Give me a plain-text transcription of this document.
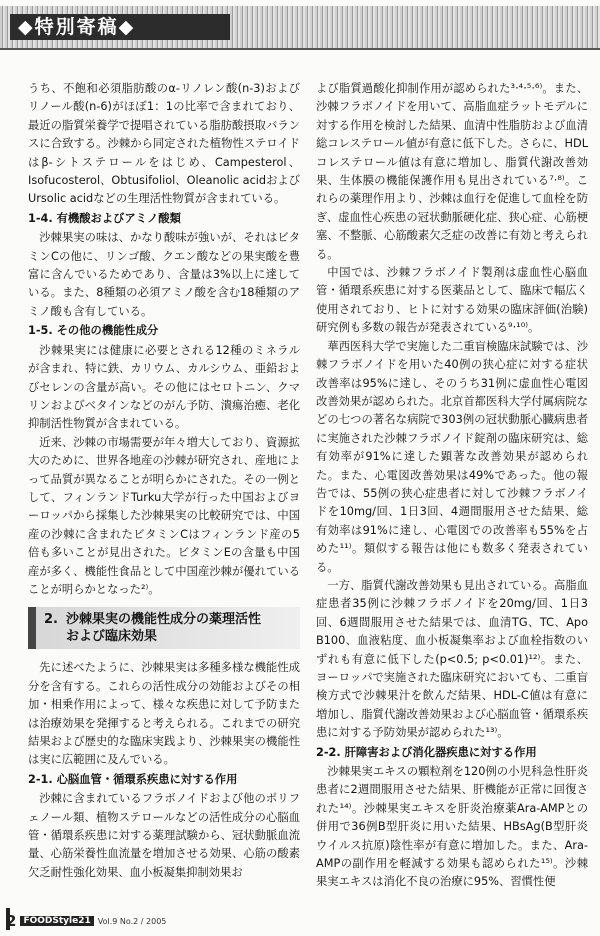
◆特別寄稿◆

うち、不飽和必須脂肪酸のα-リノレン酸(n-3)およびリノール酸(n-6)がほぼ1：1の比率で含まれており、最近の脂質栄養学で提唱されている脂肪酸摂取バランスに合致する。沙棘から同定された植物性ステロイドはβ-シトステロールをはじめ、Campesterol、Isofucosterol、Obtusifoliol、Oleanolic acidおよびUrsolic acidなどの生理活性物質が含まれている。

1-4. 有機酸およびアミノ酸類

沙棘果実の味は、かなり酸味が強いが、それはビタミンCの他に、リンゴ酸、クエン酸などの果実酸を豊富に含んでいるためであり、含量は3%以上に達している。また、8種類の必須アミノ酸を含む18種類のアミノ酸も含有している。

1-5. その他の機能性成分

沙棘果実には健康に必要とされる12種のミネラルが含まれ、特に鉄、カリウム、カルシウム、亜鉛およびセレンの含量が高い。その他にはセロトニン、クマリンおよびベタインなどのがん予防、潰瘍治癒、老化抑制活性物質が含まれている。

近来、沙棘の市場需要が年々増大しており、資源拡大のために、世界各地産の沙棘が研究され、産地によって品質が異なることが明らかにされた。その一例として、フィンランドTurku大学が行った中国およびヨーロッパから採集した沙棘果実の比較研究では、中国産の沙棘に含まれたビタミンCはフィンランド産の5倍も多いことが見出された。ビタミンEの含量も中国産が多く、機能性食品として中国産沙棘が優れていることが明らかとなった²⁾。

2. 沙棘果実の機能性成分の薬理活性
および臨床効果

先に述べたように、沙棘果実は多種多様な機能性成分を含有する。これらの活性成分の効能およびその相加・相乗作用によって、様々な疾患に対して予防または治療効果を発揮すると考えられる。これまでの研究結果および歴史的な臨床実践より、沙棘果実の機能性は実に広範囲に及んでいる。

2-1. 心脳血管・循環系疾患に対する作用

沙棘に含まれているフラボノイドおよび他のポリフェノール類、植物ステロールなどの活性成分の心脳血管・循環系疾患に対する薬理試験から、冠状動脈血流量、心筋栄養性血流量を増加させる効果、心筋の酸素欠乏耐性強化効果、血小板凝集抑制効果お

よび脂質過酸化抑制作用が認められた³·⁴·⁵·⁶⁾。また、沙棘フラボノイドを用いて、高脂血症ラットモデルに対する作用を検討した結果、血清中性脂肪および血清総コレステロール値が有意に低下した。さらに、HDLコレステロール値は有意に増加し、脂質代謝改善効果、生体膜の機能保護作用も見出されている⁷·⁸⁾。これらの薬理作用より、沙棘は血行を促進して血栓を防ぎ、虚血性心疾患の冠状動脈硬化症、狭心症、心筋梗塞、不整脈、心筋酸素欠乏症の改善に有効と考えられる。

中国では、沙棘フラボノイド製剤は虚血性心脳血管・循環系疾患に対する医薬品として、臨床で幅広く使用されており、ヒトに対する効果の臨床評価(治験)研究例も多数の報告が発表されている⁹·¹⁰⁾。

華西医科大学で実施した二重盲検臨床試験では、沙棘フラボノイドを用いた40例の狭心症に対する症状改善率は95%に達し、そのうち31例に虚血性心電図改善効果が認められた。北京首都医科大学付属病院などの七つの著名な病院で303例の冠状動脈心臓病患者に実施された沙棘フラボノイド錠剤の臨床研究は、総有効率が91%に達した顕著な改善効果が認められた。また、心電図改善効果は49%であった。他の報告では、55例の狭心症患者に対して沙棘フラボノイドを10mg/回、1日3回、4週間服用させた結果、総有効率は91%に達し、心電図での改善率も55%を占めた¹¹⁾。類似する報告は他にも数多く発表されている。

一方、脂質代謝改善効果も見出されている。高脂血症患者35例に沙棘フラボノイドを20mg/回、1日3回、6週間服用させた結果では、血清TG、TC、Apo B100、血液粘度、血小板凝集率および血栓指数のいずれも有意に低下した(p<0.5; p<0.01)¹²⁾。また、ヨーロッパで実施された臨床研究においても、二重盲検方式で沙棘果汁を飲んだ結果、HDL-C値は有意に増加し、脂質代謝改善効果および心脳血管・循環系疾患に対する予防効果が認められた¹³⁾。

2-2. 肝障害および消化器疾患に対する作用

沙棘果実エキスの顆粒剤を120例の小児科急性肝炎患者に2週間服用させた結果、肝機能が正常に回復された¹⁴⁾。沙棘果実エキスを肝炎治療薬Ara-AMPとの併用で36例B型肝炎に用いた結果、HBsAg(B型肝炎ウイルス抗原)陰性率が有意に増加した。また、Ara-AMPの副作用を軽減する効果も認められた¹⁵⁾。沙棘果実エキスは消化不良の治療に95%、習慣性便

2 FOODStyle21 Vol.9 No.2 / 2005
